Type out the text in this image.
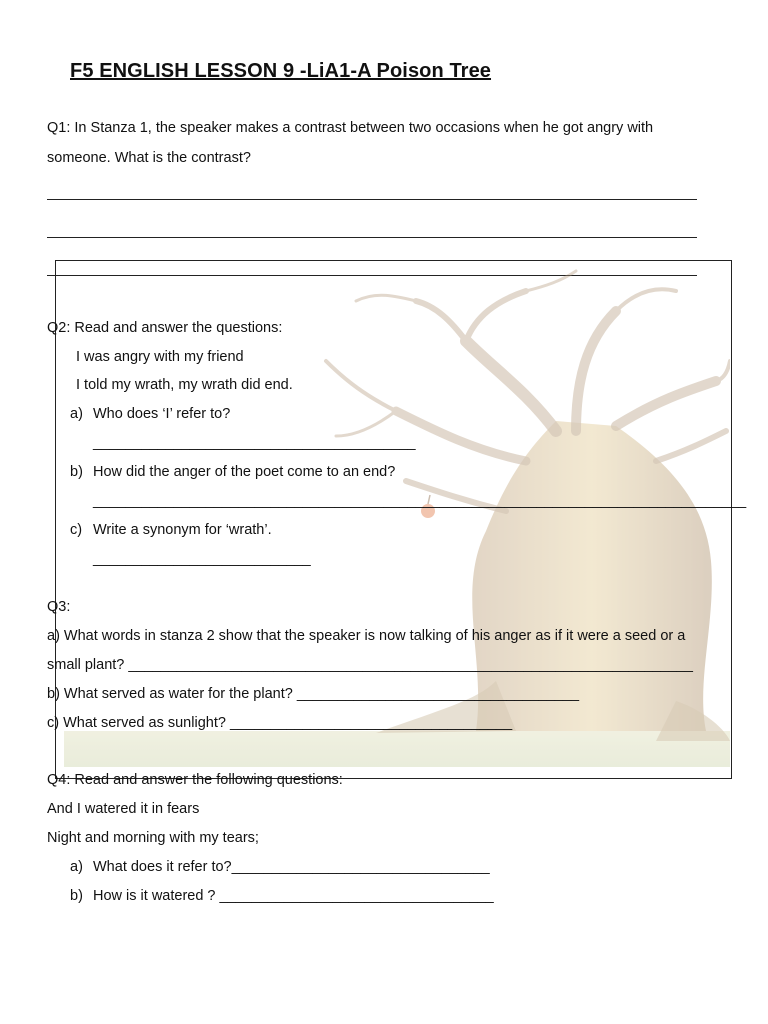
F5 ENGLISH LESSON 9 -LiA1-A Poison Tree
Q1: In Stanza 1, the speaker makes a contrast between two occasions when he got angry with
someone. What is the contrast?
Q2: Read and answer the questions:
I was angry with my friend
I told my wrath, my wrath did end.
a) Who does ‘I’ refer to?
________________________________________
b) How did the anger of the poet come to an end?
_________________________________________________________________________________
c) Write a synonym for ‘wrath’.
___________________________
Q3:
a) What words in stanza 2 show that the speaker is now talking of his anger as if it were a seed or a
small plant? ______________________________________________________________________
b) What served as water for the plant? ___________________________________
c) What served as sunlight? ___________________________________
Q4: Read and answer the following questions:
And I watered it in fears
Night and morning with my tears;
a) What does it refer to?________________________________
b) How is it watered ? __________________________________
